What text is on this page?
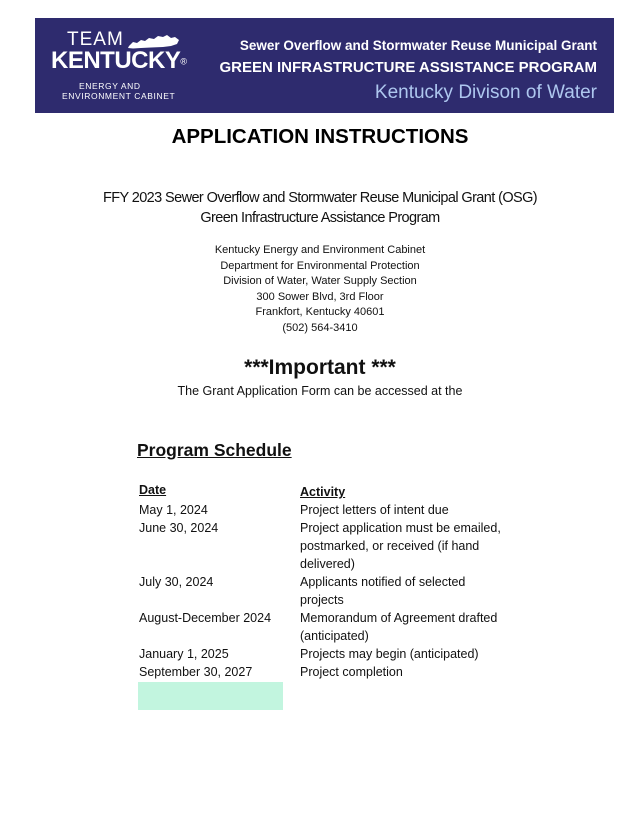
TEAM
KENTUCKY®
ENERGY AND
ENVIRONMENT CABINET
Sewer Overflow and Stormwater Reuse Municipal Grant
GREEN INFRASTRUCTURE ASSISTANCE PROGRAM
Kentucky Divison of Water
APPLICATION INSTRUCTIONS
FFY 2023 Sewer Overflow and Stormwater Reuse Municipal Grant (OSG)
Green Infrastructure Assistance Program
Kentucky Energy and Environment Cabinet
Department for Environmental Protection
Division of Water, Water Supply Section
300 Sower Blvd, 3rd Floor
Frankfort, Kentucky 40601
(502) 564-3410
***Important ***
The Grant Application Form can be accessed at the
Program Schedule
Date	Activity
May 1, 2024	Project letters of intent due
June 30, 2024	Project application must be emailed, postmarked, or received (if hand delivered)
July 30, 2024	Applicants notified of selected projects
August-December 2024	Memorandum of Agreement drafted (anticipated)
January 1, 2025	Projects may begin (anticipated)
September 30, 2027	Project completion
